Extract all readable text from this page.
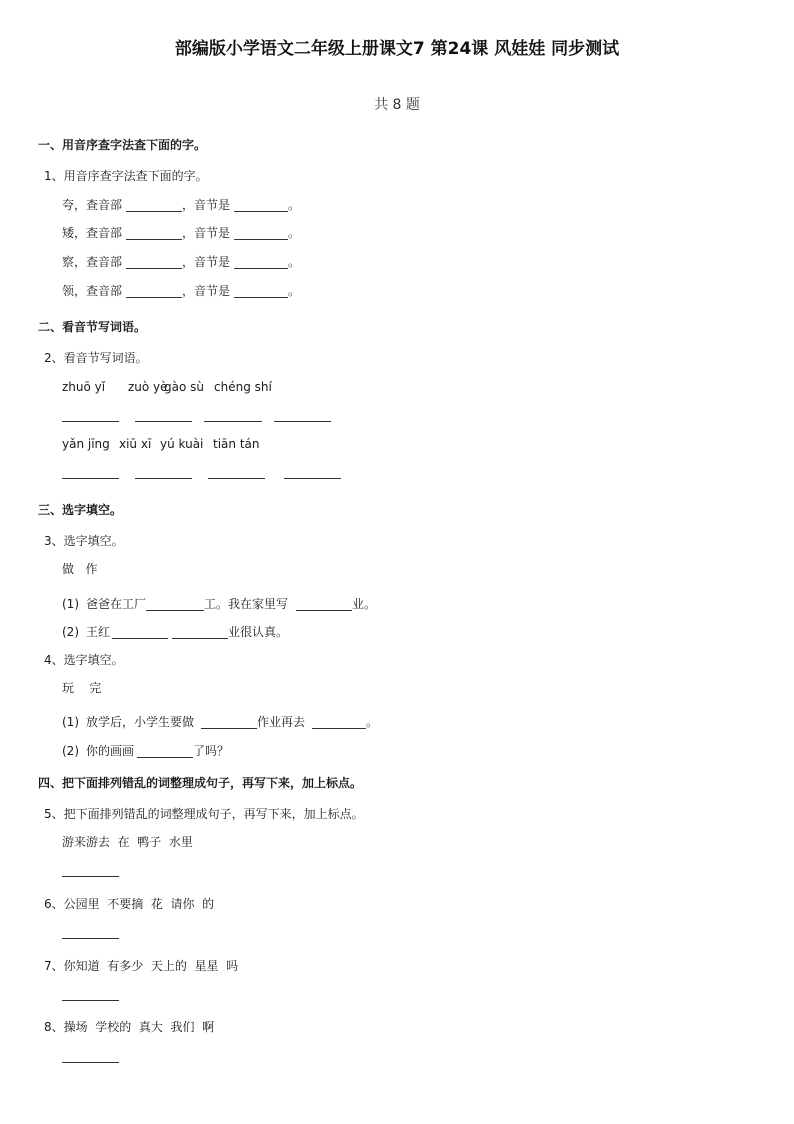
部编版小学语文二年级上册课文7 第24课 风娃娃 同步测试
共 8 题
一、用音序查字法查下面的字。
1、用音序查字法查下面的字。
夸，查音部	，音节是	。
矮，查音部	，音节是	。
察，查音部	，音节是	。
领，查音部	，音节是	。
二、看音节写词语。
2、看音节写词语。
zhuō yǐ zuò yè
gào sù chéng shí
yǎn jīng xiū xī yú kuài tiān tán
三、选字填空。
3、选字填空。
做   作
(1) 爸爸在工厂	工。我在家里写	业。
(2) 王红	业很认真。
4、选字填空。
玩    完
(1) 放学后，小学生要做	作业再去	。
(2) 你的画画	了吗？
四、把下面排列错乱的词整理成句子，再写下来，加上标点。
5、把下面排列错乱的词整理成句子，再写下来，加上标点。
游来游去  在  鸭子  水里
6、公园里  不要摘  花  请你  的
7、你知道  有多少  天上的  星星  吗
8、操场  学校的  真大  我们  啊
